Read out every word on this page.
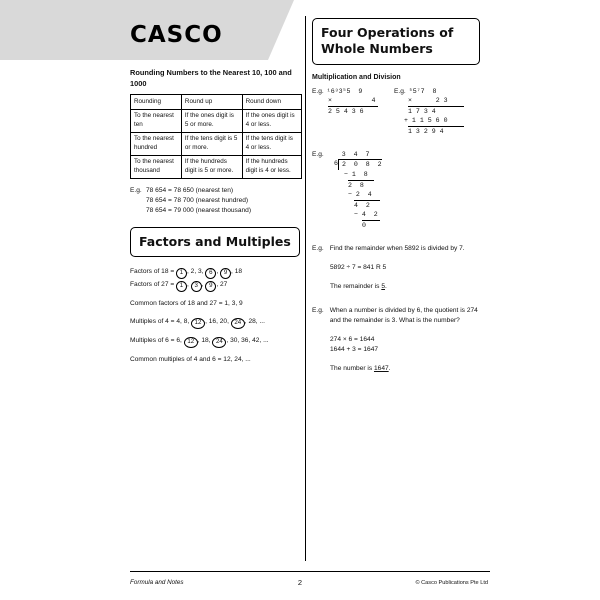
CASCO
Rounding Numbers to the Nearest 10, 100 and 1000
Rounding	Round up	Round down
To the nearest ten	If the ones digit is 5 or more.	If the ones digit is 4 or less.
To the nearest hundred	If the tens digit is 5 or more.	If the tens digit is 4 or less.
To the nearest thousand	If the hundreds digit is 5 or more.	If the hundreds digit is 4 or less.
E.g. 78 654 = 78 650 (nearest ten)
78 654 = 78 700 (nearest hundred)
78 654 = 79 000 (nearest thousand)
Factors and Multiples

Factors of 18 = 1 , 2, 3, 6 , 9 , 18

Factors of 27 = 1 , 3 , 9 , 27

Common factors of 18 and 27 = 1, 3, 9

Multiples of 4 = 4, 8, 12 , 16, 20, 24 , 28, ...

Multiples of 6 = 6, 12 , 18, 24 , 30, 36, 42, ...

Common multiples of 4 and 6 = 12, 24, ...

Four Operations of Whole Numbers
Multiplication and Division
E.g. ¹6³3⁵5  9
×          4
2 5 4 3 6
E.g. ⁵5⁷7  8
×      2 3
1 7 3 4
+ 1 1 5 6 0
1 3 2 9 4
E.g.	3  4  7
6 2  0  8  2
− 1  8
2  8
− 2  4
4  2
− 4  2
0
E.g. Find the remainder when 5892 is divided by 7.
5892 ÷ 7 = 841 R 5
The remainder is 5.
E.g. When a number is divided by 6, the quotient is 274 and the remainder is 3. What is the number?
274 × 6 = 1644
1644 + 3 = 1647
The number is 1647.
Formula and Notes	2	© Casco Publications Pte Ltd
